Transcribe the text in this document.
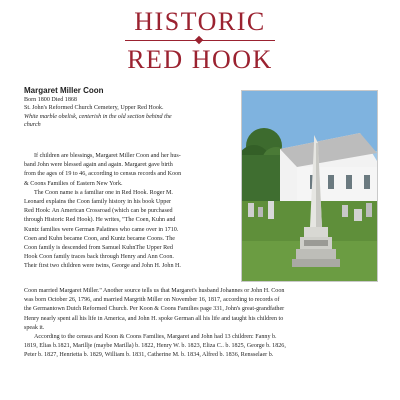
HISTORIC
RED HOOK

Margaret Miller Coon

Born 1800 Died 1868

St. John's Reformed Church Cemetery, Upper Red Hook.

White marble obelisk, centerish in the old section behind the

church

If children are blessings, Margaret Miller Coon and her hus-
band John were blessed again and again. Margaret gave birth
from the ages of 19 to 46, according to census records and Koon
& Coons Families of Eastern New York.
The Coon name is a familiar one in Red Hook. Roger M.
Leonard explains the Coon family history in his book Upper
Red Hook: An American Crossroad (which can be purchased
through Historic Red Hook). He writes, "The Coen, Kuhn and
Kuntz families were German Palatines who came over in 1710.
Coen and Kuhn became Coon, and Kuntz became Coons. The
Coon family is descended from Samuel KuhnThe Upper Red
Hook Coon family traces back through Henry and Ann Coon.
Their first two children were twins, George and John H. John H.
Coon married Margaret Miller." Another source tells us that Margaret's husband Johannes or John H. Coon
was born October 26, 1796, and married Margrith Miller on November 16, 1817, according to records of
the Germantown Dutch Reformed Church. Per Koon & Coons Families page 331, John's great-grandfather
Henry nearly spent all his life in America, and John H. spoke German all his life and taught his children to
speak it.
According to the census and Koon & Coons Families, Margaret and John had 13 children: Fanny b.
1819, Elias b.1821, Marillje (maybe Marilla) b. 1822, Henry W. b. 1823, Eliza C.. b. 1825, George b. 1826,
Peter b. 1827, Henrietta b. 1829, William b. 1831, Catherine M. b. 1834, Alfred b. 1836, Rensselaer b.
